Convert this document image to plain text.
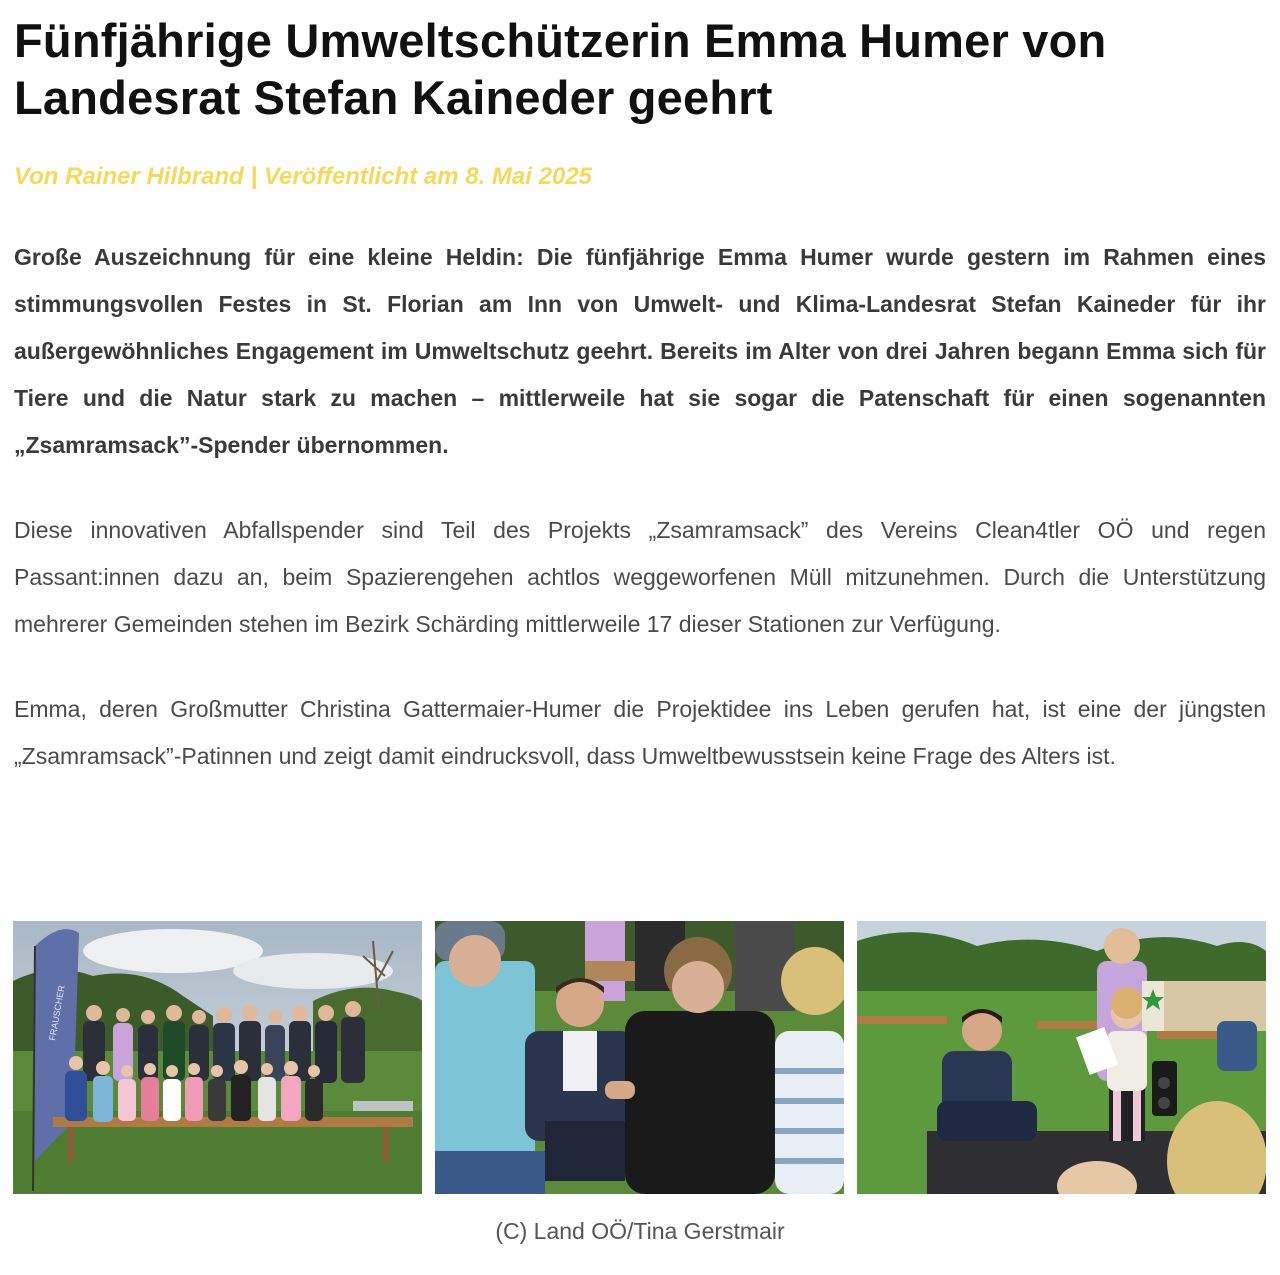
Fünfjährige Umweltschützerin Emma Humer von Landesrat Stefan Kaineder geehrt
Von Rainer Hilbrand | Veröffentlicht am 8. Mai 2025

Große Auszeichnung für eine kleine Heldin: Die fünfjährige Emma Humer wurde gestern im Rahmen eines stimmungsvollen Festes in St. Florian am Inn von Umwelt- und Klima-Landesrat Stefan Kaineder für ihr außergewöhnliches Engagement im Umweltschutz geehrt. Bereits im Alter von drei Jahren begann Emma sich für Tiere und die Natur stark zu machen – mittlerweile hat sie sogar die Patenschaft für einen sogenannten „Zsamramsack”-Spender übernommen.

Diese innovativen Abfallspender sind Teil des Projekts „Zsamramsack” des Vereins Clean4tler OÖ und regen Passant:innen dazu an, beim Spazierengehen achtlos weggeworfenen Müll mitzunehmen. Durch die Unterstützung mehrerer Gemeinden stehen im Bezirk Schärding mittlerweile 17 dieser Stationen zur Verfügung.

Emma, deren Großmutter Christina Gattermaier-Humer die Projektidee ins Leben gerufen hat, ist eine der jüngsten „Zsamramsack”-Patinnen und zeigt damit eindrucksvoll, dass Umweltbewusstsein keine Frage des Alters ist.

FRAUSCHER
(C) Land OÖ/Tina Gerstmair
